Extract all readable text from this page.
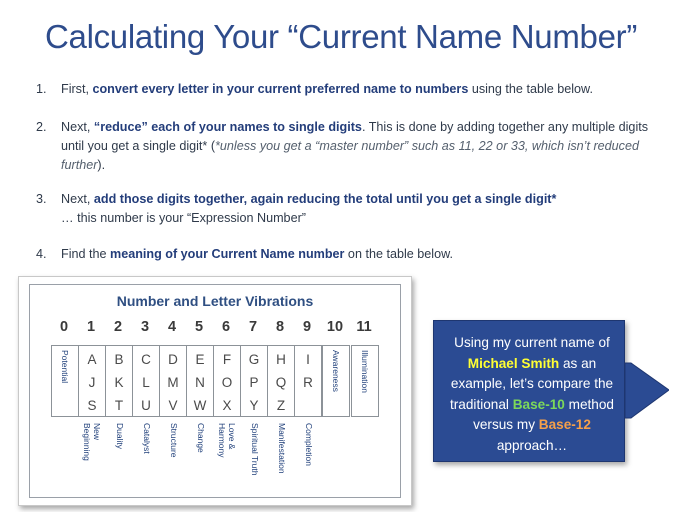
Calculating Your “Current Name Number”
1. First, convert every letter in your current preferred name to numbers using the table below.
2. Next, “reduce” each of your names to single digits. This is done by adding together any multiple digits until you get a single digit* (*unless you get a “master number” such as 11, 22 or 33, which isn’t reduced further).
3. Next, add those digits together, again reducing the total until you get a single digit*
… this number is your “Expression Number”
4. Find the meaning of your Current Name number on the table below.
Number and Letter Vibrations
0
Potential
1
A
J
S
New
Beginning
2
B
K
T
Duality
3
C
L
U
Catalyst
4
D
M
V
Structure
5
E
N
W
Change
6
F
O
X
Love &
Harmony
7
G
P
Y
Spiritual Truth
8
H
Q
Z
Manifestation
9
I
R
Completion
10
Awareness
11
Illumination
Using my current name of Michael Smith as an example, let’s compare the traditional Base-10 method versus my Base-12 approach…
